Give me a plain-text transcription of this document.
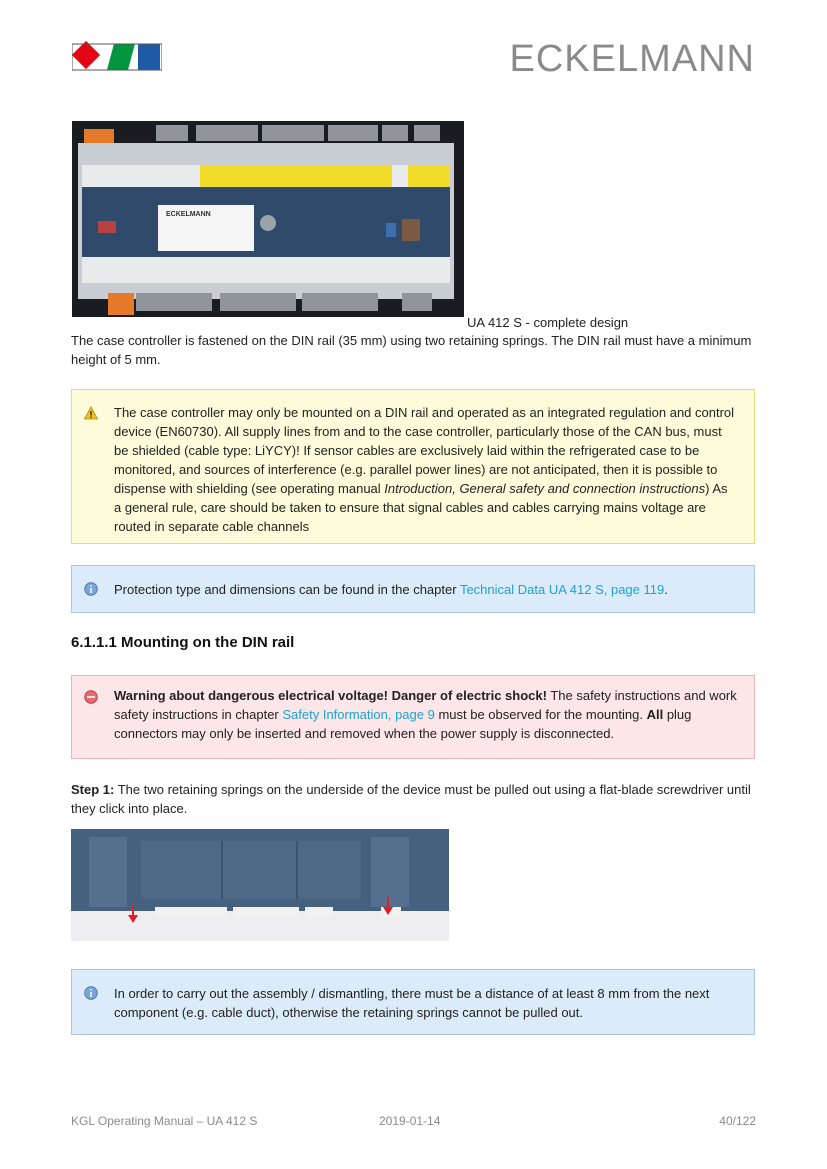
ECKELMANN
ECKELMANN
UA 412 S - complete design
The case controller is fastened on the DIN rail (35 mm) using two retaining springs. The DIN rail must have a minimum height of 5 mm.
The case controller may only be mounted on a DIN rail and operated as an integrated regulation and control device (EN60730). All supply lines from and to the case controller, particularly those of the CAN bus, must be shielded (cable type: LiYCY)! If sensor cables are exclusively laid within the refrigerated case to be monitored, and sources of interference (e.g. parallel power lines) are not anticipated, then it is possible to dispense with shielding (see operating manual Introduction, General safety and connection instructions) As a general rule, care should be taken to ensure that signal cables and cables carrying mains voltage are routed in separate cable channels
Protection type and dimensions can be found in the chapter Technical Data UA 412 S, page 119.
6.1.1.1 Mounting on the DIN rail
Warning about dangerous electrical voltage! Danger of electric shock! The safety instructions and work safety instructions in chapter Safety Information, page 9 must be observed for the mounting. All plug connectors may only be inserted and removed when the power supply is disconnected.
Step 1: The two retaining springs on the underside of the device must be pulled out using a flat-blade screwdriver until they click into place.
In order to carry out the assembly / dismantling, there must be a distance of at least 8 mm from the next component (e.g. cable duct), otherwise the retaining springs cannot be pulled out.
KGL Operating Manual – UA 412 S	2019-01-14	40/122
